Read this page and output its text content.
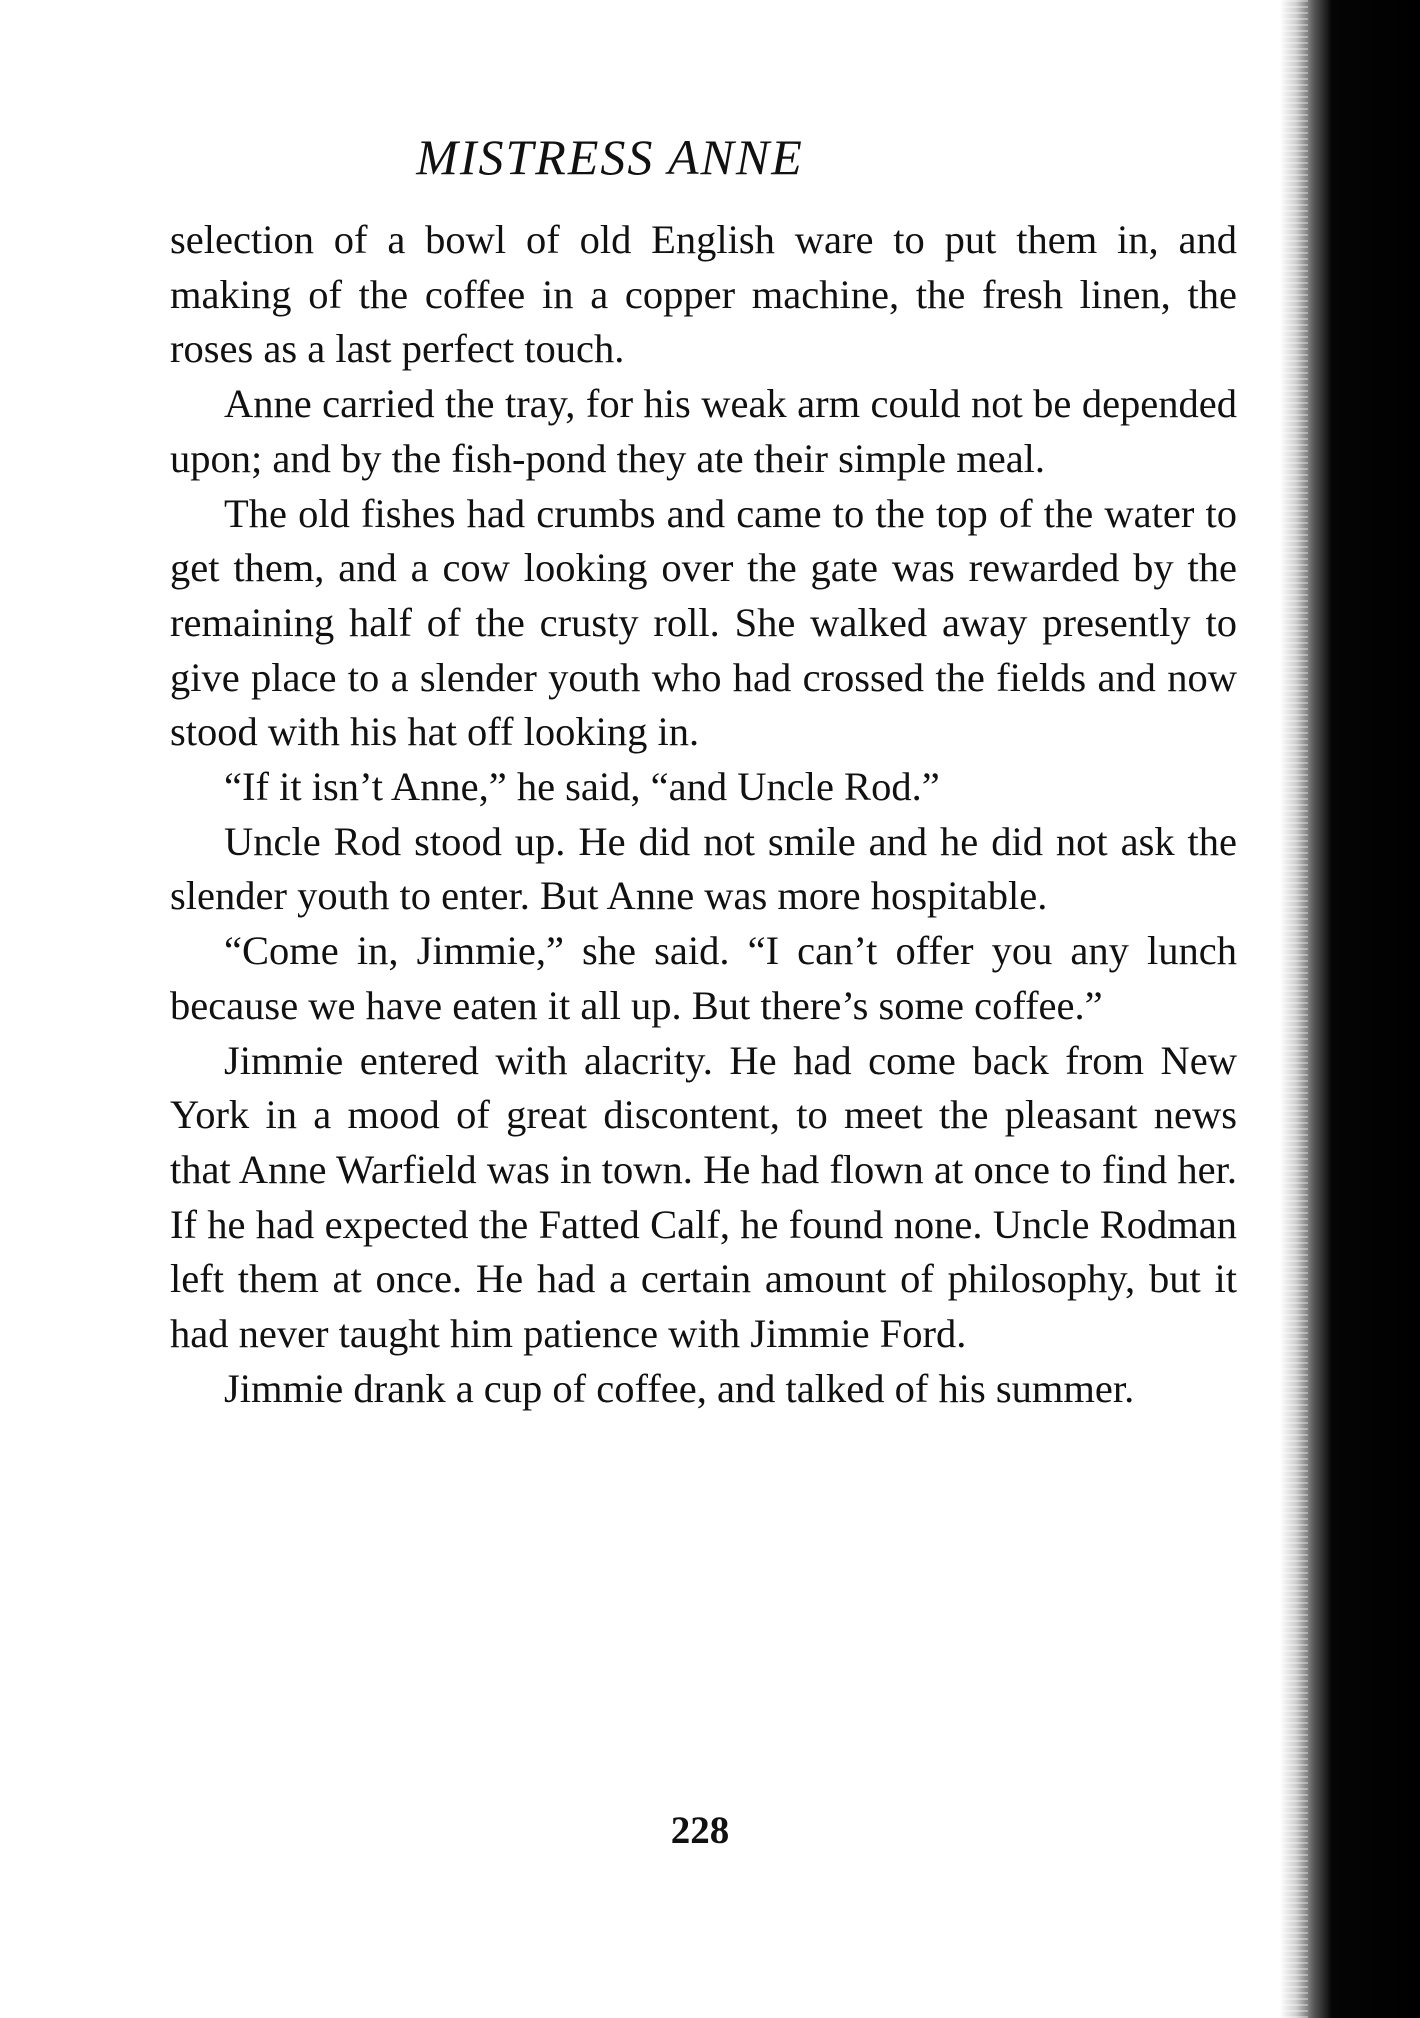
MISTRESS ANNE

selection of a bowl of old English ware to put them in, and making of the coffee in a copper machine, the fresh linen, the roses as a last perfect touch.

Anne carried the tray, for his weak arm could not be depended upon; and by the fish-pond they ate their simple meal.

The old fishes had crumbs and came to the top of the water to get them, and a cow looking over the gate was rewarded by the remaining half of the crusty roll. She walked away presently to give place to a slender youth who had crossed the fields and now stood with his hat off looking in.

“If it isn’t Anne,” he said, “and Uncle Rod.”

Uncle Rod stood up. He did not smile and he did not ask the slender youth to enter. But Anne was more hospitable.

“Come in, Jimmie,” she said. “I can’t offer you any lunch because we have eaten it all up. But there’s some coffee.”

Jimmie entered with alacrity. He had come back from New York in a mood of great discontent, to meet the pleasant news that Anne Warfield was in town. He had flown at once to find her. If he had expected the Fatted Calf, he found none. Uncle Rodman left them at once. He had a certain amount of philosophy, but it had never taught him patience with Jimmie Ford.

Jimmie drank a cup of coffee, and talked of his summer.

228
